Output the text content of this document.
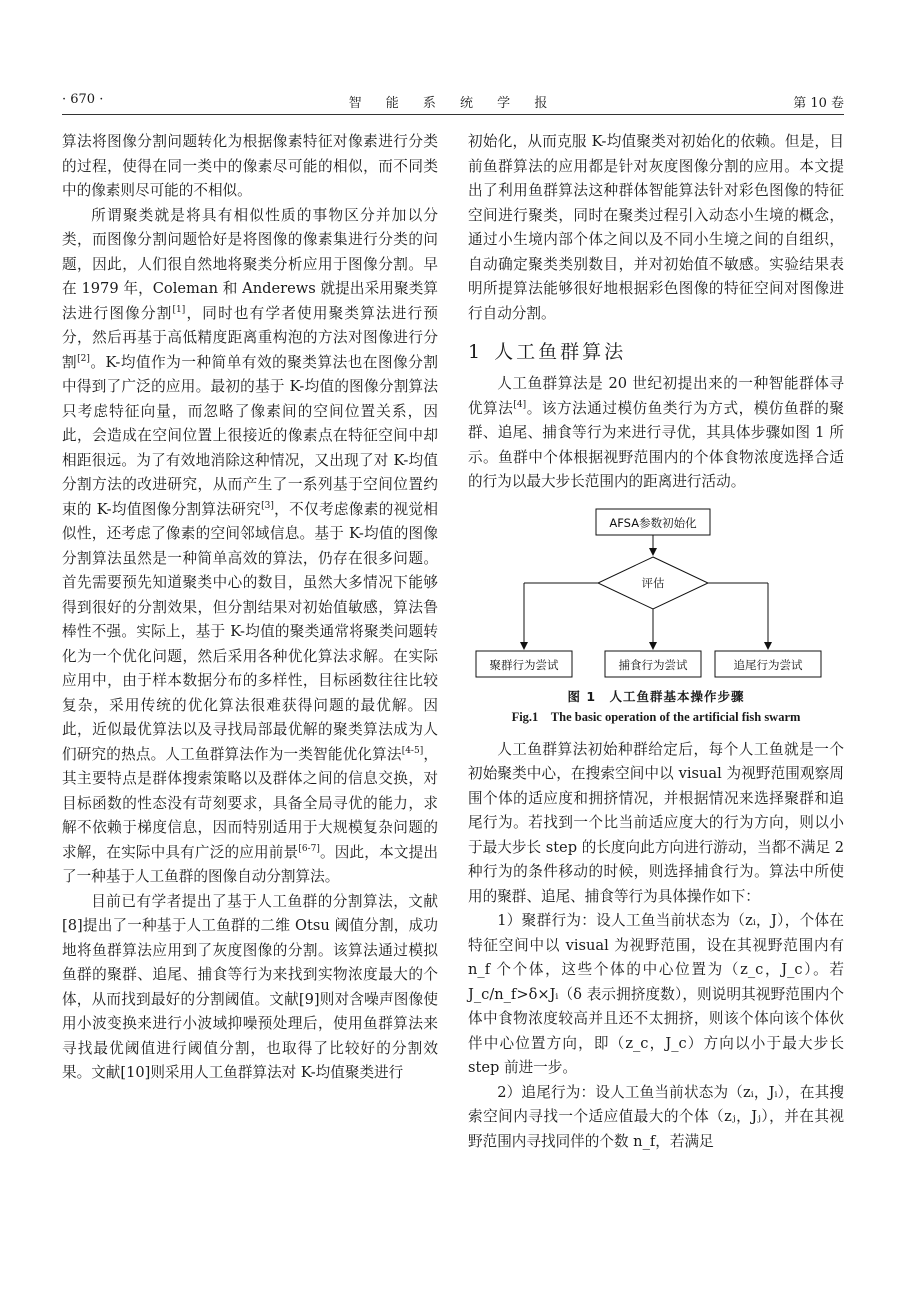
· 670 ·	智 能 系 统 学 报	第 10 卷

算法将图像分割问题转化为根据像素特征对像素进行分类的过程，使得在同一类中的像素尽可能的相似，而不同类中的像素则尽可能的不相似。

所谓聚类就是将具有相似性质的事物区分并加以分类，而图像分割问题恰好是将图像的像素集进行分类的问题，因此，人们很自然地将聚类分析应用于图像分割。早在 1979 年，Coleman 和 Anderews 就提出采用聚类算法进行图像分割[1]，同时也有学者使用聚类算法进行预分，然后再基于高低精度距离重构泡的方法对图像进行分割[2]。K-均值作为一种简单有效的聚类算法也在图像分割中得到了广泛的应用。最初的基于 K-均值的图像分割算法只考虑特征向量，而忽略了像素间的空间位置关系，因此，会造成在空间位置上很接近的像素点在特征空间中却相距很远。为了有效地消除这种情况，又出现了对 K-均值分割方法的改进研究，从而产生了一系列基于空间位置约束的 K-均值图像分割算法研究[3]，不仅考虑像素的视觉相似性，还考虑了像素的空间邻域信息。基于 K-均值的图像分割算法虽然是一种简单高效的算法，仍存在很多问题。首先需要预先知道聚类中心的数目，虽然大多情况下能够得到很好的分割效果，但分割结果对初始值敏感，算法鲁棒性不强。实际上，基于 K-均值的聚类通常将聚类问题转化为一个优化问题，然后采用各种优化算法求解。在实际应用中，由于样本数据分布的多样性，目标函数往往比较复杂，采用传统的优化算法很难获得问题的最优解。因此，近似最优算法以及寻找局部最优解的聚类算法成为人们研究的热点。人工鱼群算法作为一类智能优化算法[4-5]，其主要特点是群体搜索策略以及群体之间的信息交换，对目标函数的性态没有苛刻要求，具备全局寻优的能力，求解不依赖于梯度信息，因而特别适用于大规模复杂问题的求解，在实际中具有广泛的应用前景[6-7]。因此，本文提出了一种基于人工鱼群的图像自动分割算法。

目前已有学者提出了基于人工鱼群的分割算法，文献[8]提出了一种基于人工鱼群的二维 Otsu 阈值分割，成功地将鱼群算法应用到了灰度图像的分割。该算法通过模拟鱼群的聚群、追尾、捕食等行为来找到实物浓度最大的个体，从而找到最好的分割阈值。文献[9]则对含噪声图像使用小波变换来进行小波域抑噪预处理后，使用鱼群算法来寻找最优阈值进行阈值分割，也取得了比较好的分割效果。文献[10]则采用人工鱼群算法对 K-均值聚类进行

初始化，从而克服 K-均值聚类对初始化的依赖。但是，目前鱼群算法的应用都是针对灰度图像分割的应用。本文提出了利用鱼群算法这种群体智能算法针对彩色图像的特征空间进行聚类，同时在聚类过程引入动态小生境的概念，通过小生境内部个体之间以及不同小生境之间的自组织，自动确定聚类类别数目，并对初始值不敏感。实验结果表明所提算法能够很好地根据彩色图像的特征空间对图像进行自动分割。

1 人工鱼群算法

人工鱼群算法是 20 世纪初提出来的一种智能群体寻优算法[4]。该方法通过模仿鱼类行为方式，模仿鱼群的聚群、追尾、捕食等行为来进行寻优，其具体步骤如图 1 所示。鱼群中个体根据视野范围内的个体食物浓度选择合适的行为以最大步长范围内的距离进行活动。

AFSA参数初始化
评估
聚群行为尝试	捕食行为尝试	追尾行为尝试
图 1　人工鱼群基本操作步骤
Fig.1　The basic operation of the artificial fish swarm

人工鱼群算法初始种群给定后，每个人工鱼就是一个初始聚类中心，在搜索空间中以 visual 为视野范围观察周围个体的适应度和拥挤情况，并根据情况来选择聚群和追尾行为。若找到一个比当前适应度大的行为方向，则以小于最大步长 step 的长度向此方向进行游动，当都不满足 2 种行为的条件移动的时候，则选择捕食行为。算法中所使用的聚群、追尾、捕食等行为具体操作如下：

1）聚群行为：设人工鱼当前状态为（zᵢ，J），个体在特征空间中以 visual 为视野范围，设在其视野范围内有 n_f 个个体，这些个体的中心位置为（z_c，J_c）。若 J_c/n_f>δ×Jᵢ（δ 表示拥挤度数），则说明其视野范围内个体中食物浓度较高并且还不太拥挤，则该个体向该个体伙伴中心位置方向，即（z_c，J_c）方向以小于最大步长 step 前进一步。

2）追尾行为：设人工鱼当前状态为（zᵢ，Jᵢ），在其搜索空间内寻找一个适应值最大的个体（zⱼ，Jⱼ），并在其视野范围内寻找同伴的个数 n_f，若满足
